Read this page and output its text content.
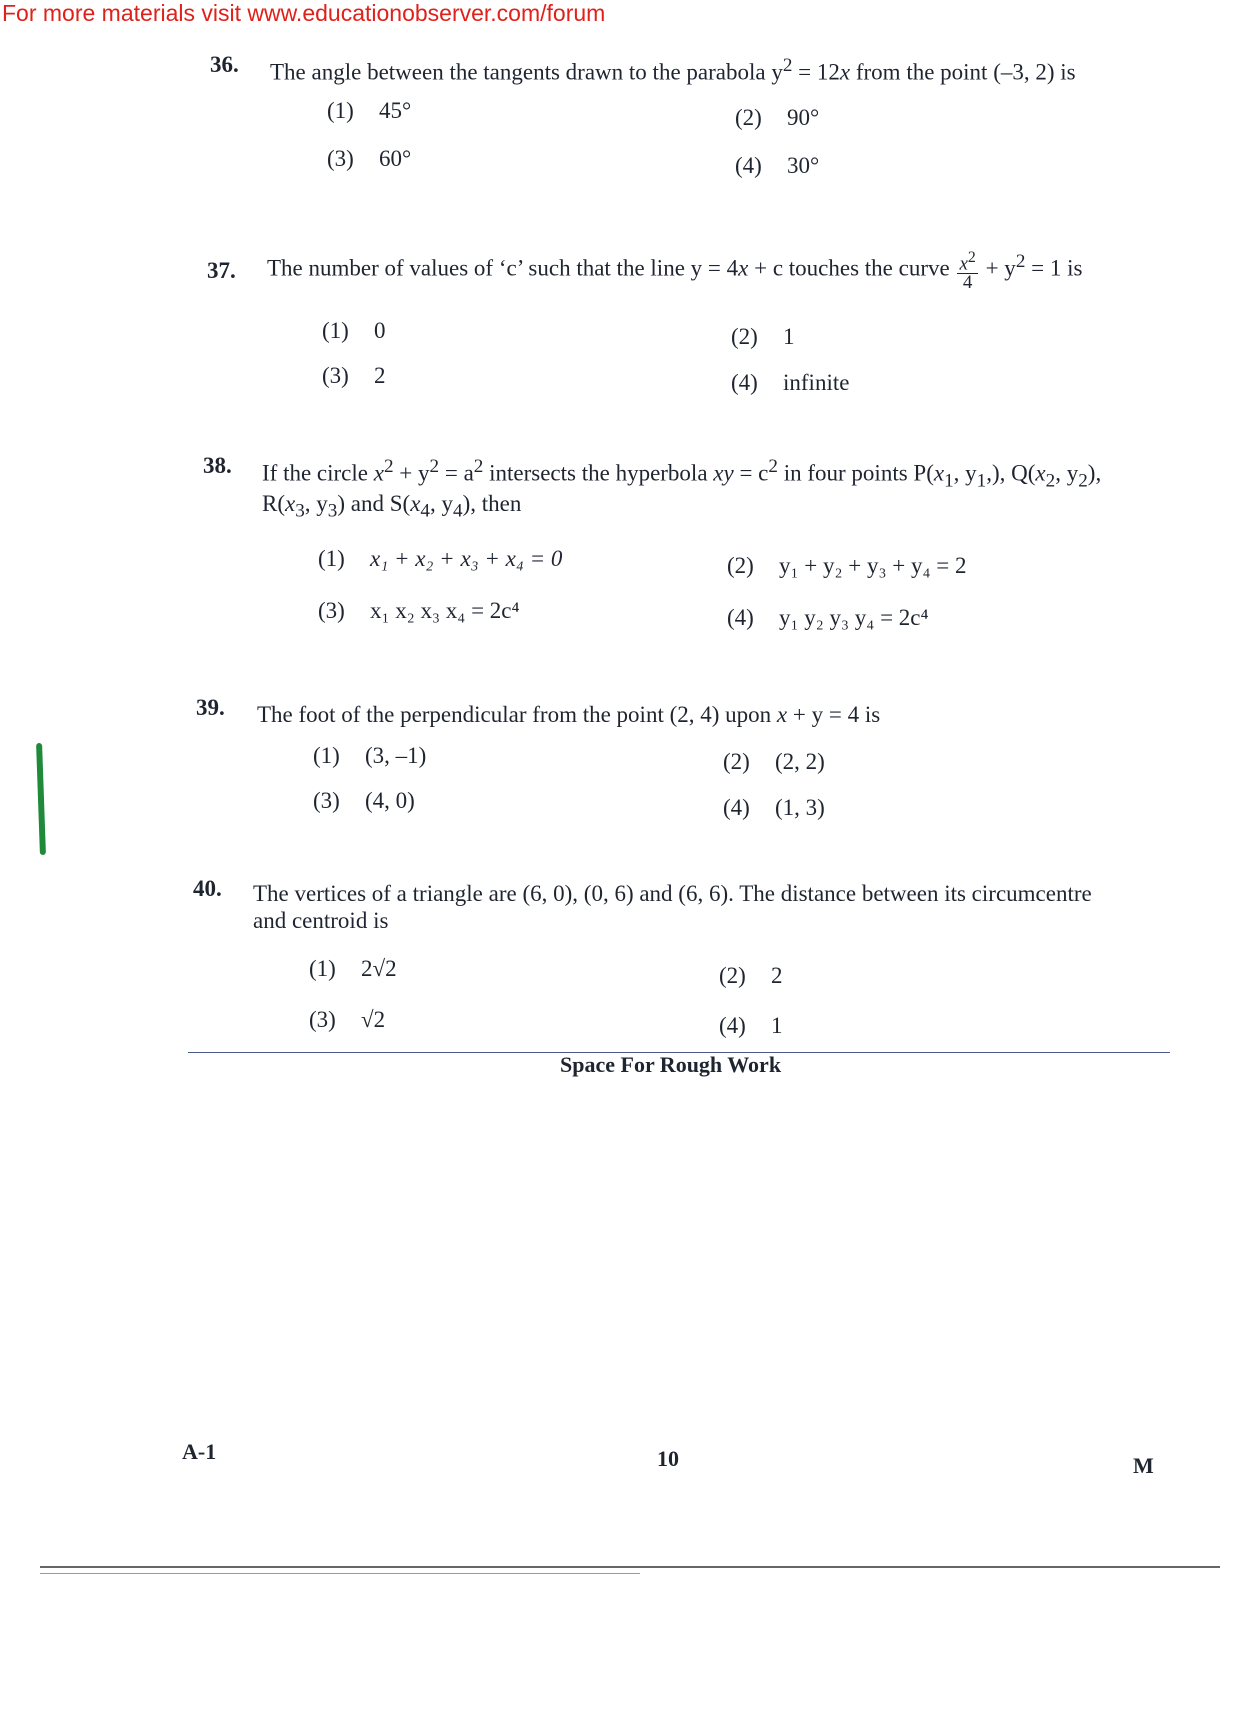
For more materials visit www.educationobserver.com/forum
36. The angle between the tangents drawn to the parabola $y^2 = 12x$ from the point (–3, 2) is
(1) 45°	(2) 90°
(3) 60°	(4) 30°
37. The number of values of ‘c’ such that the line y = 4x + c touches the curve $\frac{x^2}{4} + y^2 = 1$ is
(1) 0	(2) 1
(3) 2	(4) infinite
38. If the circle $x^2 + y^2 = a^2$ intersects the hyperbola xy = $c^2$ in four points $P(x_1$, $y_1$,), $Q(x_2$, $y_2$),
$R(x_3$, $y_3$) and $S(x_4$, $y_4$), then
(1) x₁ + x₂ + x₃ + x₄ = 0	(2) y₁ + y₂ + y₃ + y₄ = 2
(3) x₁ x₂ x₃ x₄ = 2c⁴	(4) y₁ y₂ y₃ y₄ = 2c⁴
39. The foot of the perpendicular from the point (2, 4) upon x + y = 4 is
(1) (3, –1)	(2) (2, 2)
(3) (4, 0)	(4) (1, 3)
40. The vertices of a triangle are (6, 0), (0, 6) and (6, 6). The distance between its circumcentre
and centroid is
(1) 2√2	(2) 2
(3) √2	(4) 1
Space For Rough Work
A-1	10	M
